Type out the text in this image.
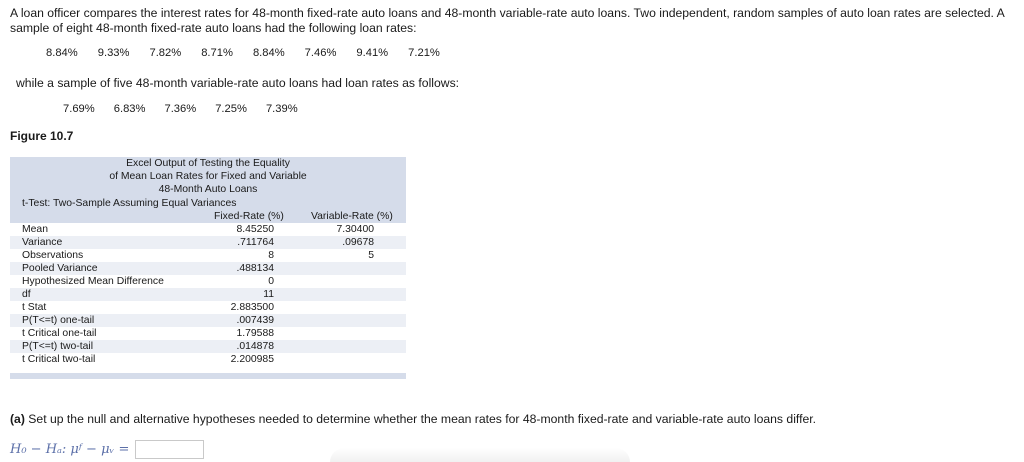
A loan officer compares the interest rates for 48-month fixed-rate auto loans and 48-month variable-rate auto loans. Two independent, random samples of auto loan rates are selected. A sample of eight 48-month fixed-rate auto loans had the following loan rates:
8.84% 9.33% 7.82% 8.71% 8.84% 7.46% 9.41% 7.21%
while a sample of five 48-month variable-rate auto loans had loan rates as follows:
7.69% 6.83% 7.36% 7.25% 7.39%
Figure 10.7
Excel Output of Testing the Equality
of Mean Loan Rates for Fixed and Variable
48-Month Auto Loans
t-Test: Two-Sample Assuming Equal Variances
Fixed-Rate (%)	Variable-Rate (%)
Mean	8.45250	7.30400
Variance	.711764	.09678
Observations	8	5
Pooled Variance	.488134
Hypothesized Mean Difference	0
df	11
t Stat	2.883500
P(T<=t) one-tail	.007439
t Critical one-tail	1.79588
P(T<=t) two-tail	.014878
t Critical two-tail	2.200985
(a) Set up the null and alternative hypotheses needed to determine whether the mean rates for 48-month fixed-rate and variable-rate auto loans differ.
H₀ − Hₐ: μᶠ − μᵥ =
